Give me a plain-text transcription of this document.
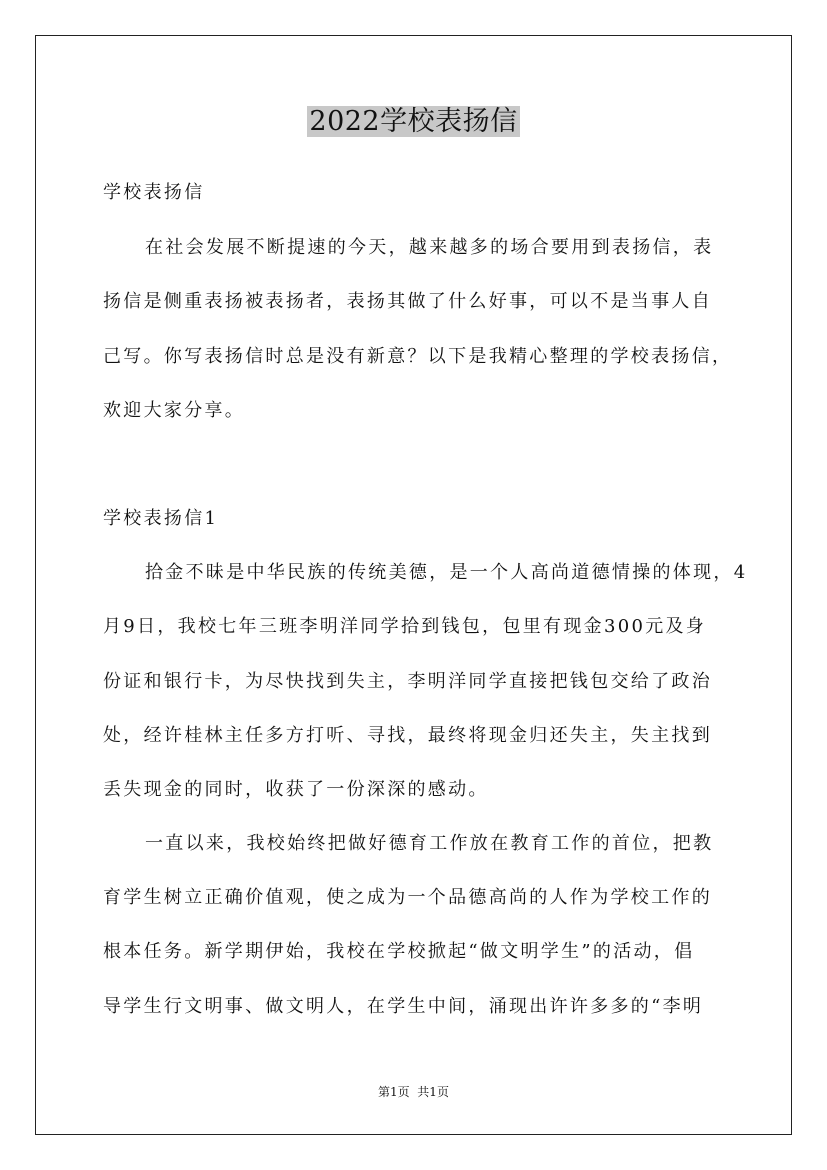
2022学校表扬信

学校表扬信

在社会发展不断提速的今天，越来越多的场合要用到表扬信，表

扬信是侧重表扬被表扬者，表扬其做了什么好事，可以不是当事人自

己写。你写表扬信时总是没有新意？以下是我精心整理的学校表扬信，

欢迎大家分享。

学校表扬信1

拾金不昧是中华民族的传统美德，是一个人高尚道德情操的体现，4

月9日，我校七年三班李明洋同学拾到钱包，包里有现金300元及身

份证和银行卡，为尽快找到失主，李明洋同学直接把钱包交给了政治

处，经许桂林主任多方打听、寻找，最终将现金归还失主，失主找到

丢失现金的同时，收获了一份深深的感动。

一直以来，我校始终把做好德育工作放在教育工作的首位，把教

育学生树立正确价值观，使之成为一个品德高尚的人作为学校工作的

根本任务。新学期伊始，我校在学校掀起“做文明学生”的活动，倡

导学生行文明事、做文明人，在学生中间，涌现出许许多多的“李明

第1页  共1页
